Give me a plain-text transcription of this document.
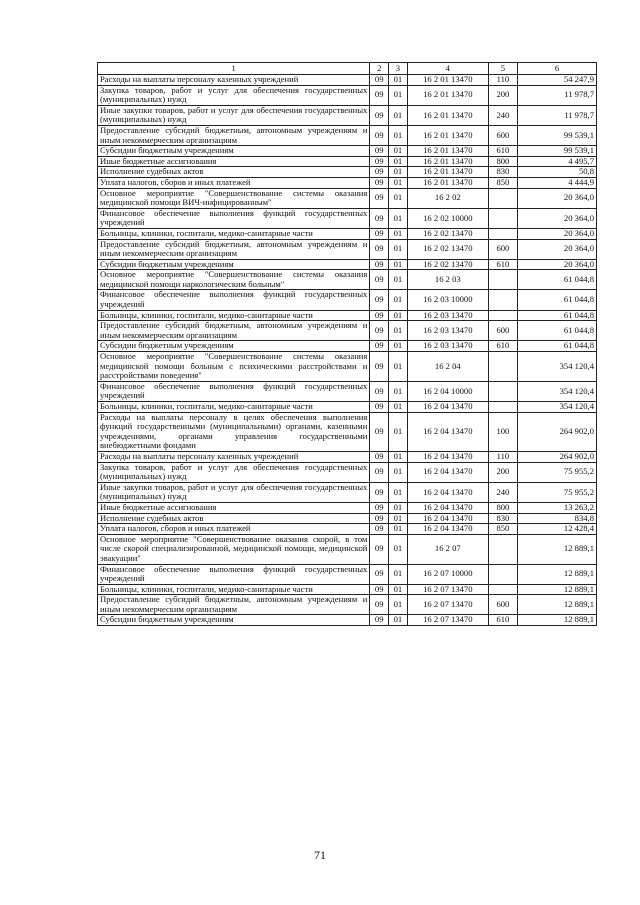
1	2	3	4	5	6
Расходы на выплаты персоналу казенных учреждений	09	01	16 2 01 13470	110	54 247,9
Закупка товаров, работ и услуг для обеспечения государственных (муниципальных) нужд	09	01	16 2 01 13470	200	11 978,7
Иные закупки товаров, работ и услуг для обеспечения государственных (муниципальных) нужд	09	01	16 2 01 13470	240	11 978,7
Предоставление субсидий бюджетным, автономным учреждениям и иным некоммерческим организациям	09	01	16 2 01 13470	600	99 539,1
Субсидии бюджетным учреждениям	09	01	16 2 01 13470	610	99 539,1
Иные бюджетные ассигнования	09	01	16 2 01 13470	800	4 495,7
Исполнение судебных актов	09	01	16 2 01 13470	830	50,8
Уплата налогов, сборов и иных платежей	09	01	16 2 01 13470	850	4 444,9
Основное мероприятие "Совершенствование системы оказания медицинской помощи ВИЧ-инфицированным"	09	01	16 2 02		20 364,0
Финансовое обеспечение выполнения функций государственных учреждений	09	01	16 2 02 10000		20 364,0
Больницы, клиники, госпитали, медико-санитарные части	09	01	16 2 02 13470		20 364,0
Предоставление субсидий бюджетным, автономным учреждениям и иным некоммерческим организациям	09	01	16 2 02 13470	600	20 364,0
Субсидии бюджетным учреждениям	09	01	16 2 02 13470	610	20 364,0
Основное мероприятие "Совершенствование системы оказания медицинской помощи наркологическим больным"	09	01	16 2 03		61 044,8
Финансовое обеспечение выполнения функций государственных учреждений	09	01	16 2 03 10000		61 044,8
Больницы, клиники, госпитали, медико-санитарные части	09	01	16 2 03 13470		61 044,8
Предоставление субсидий бюджетным, автономным учреждениям и иным некоммерческим организациям	09	01	16 2 03 13470	600	61 044,8
Субсидии бюджетным учреждениям	09	01	16 2 03 13470	610	61 044,8
Основное мероприятие "Совершенствование системы оказания медицинской помощи больным с психическими расстройствами и расстройствами поведения"	09	01	16 2 04		354 120,4
Финансовое обеспечение выполнения функций государственных учреждений	09	01	16 2 04 10000		354 120,4
Больницы, клиники, госпитали, медико-санитарные части	09	01	16 2 04 13470		354 120,4
Расходы на выплаты персоналу в целях обеспечения выполнения функций государственными (муниципальными) органами, казенными учреждениями, органами управления государственными внебюджетными фондами	09	01	16 2 04 13470	100	264 902,0
Расходы на выплаты персоналу казенных учреждений	09	01	16 2 04 13470	110	264 902,0
Закупка товаров, работ и услуг для обеспечения государственных (муниципальных) нужд	09	01	16 2 04 13470	200	75 955,2
Иные закупки товаров, работ и услуг для обеспечения государственных (муниципальных) нужд	09	01	16 2 04 13470	240	75 955,2
Иные бюджетные ассигнования	09	01	16 2 04 13470	800	13 263,2
Исполнение судебных актов	09	01	16 2 04 13470	830	834,8
Уплата налогов, сборов и иных платежей	09	01	16 2 04 13470	850	12 428,4
Основное мероприятие "Совершенствование оказания скорой, в том числе скорой специализированной, медицинской помощи, медицинской эвакуации"	09	01	16 2 07		12 889,1
Финансовое обеспечение выполнения функций государственных учреждений	09	01	16 2 07 10000		12 889,1
Больницы, клиники, госпитали, медико-санитарные части	09	01	16 2 07 13470		12 889,1
Предоставление субсидий бюджетным, автономным учреждениям и иным некоммерческим организациям	09	01	16 2 07 13470	600	12 889,1
Субсидии бюджетным учреждениям	09	01	16 2 07 13470	610	12 889,1
71
